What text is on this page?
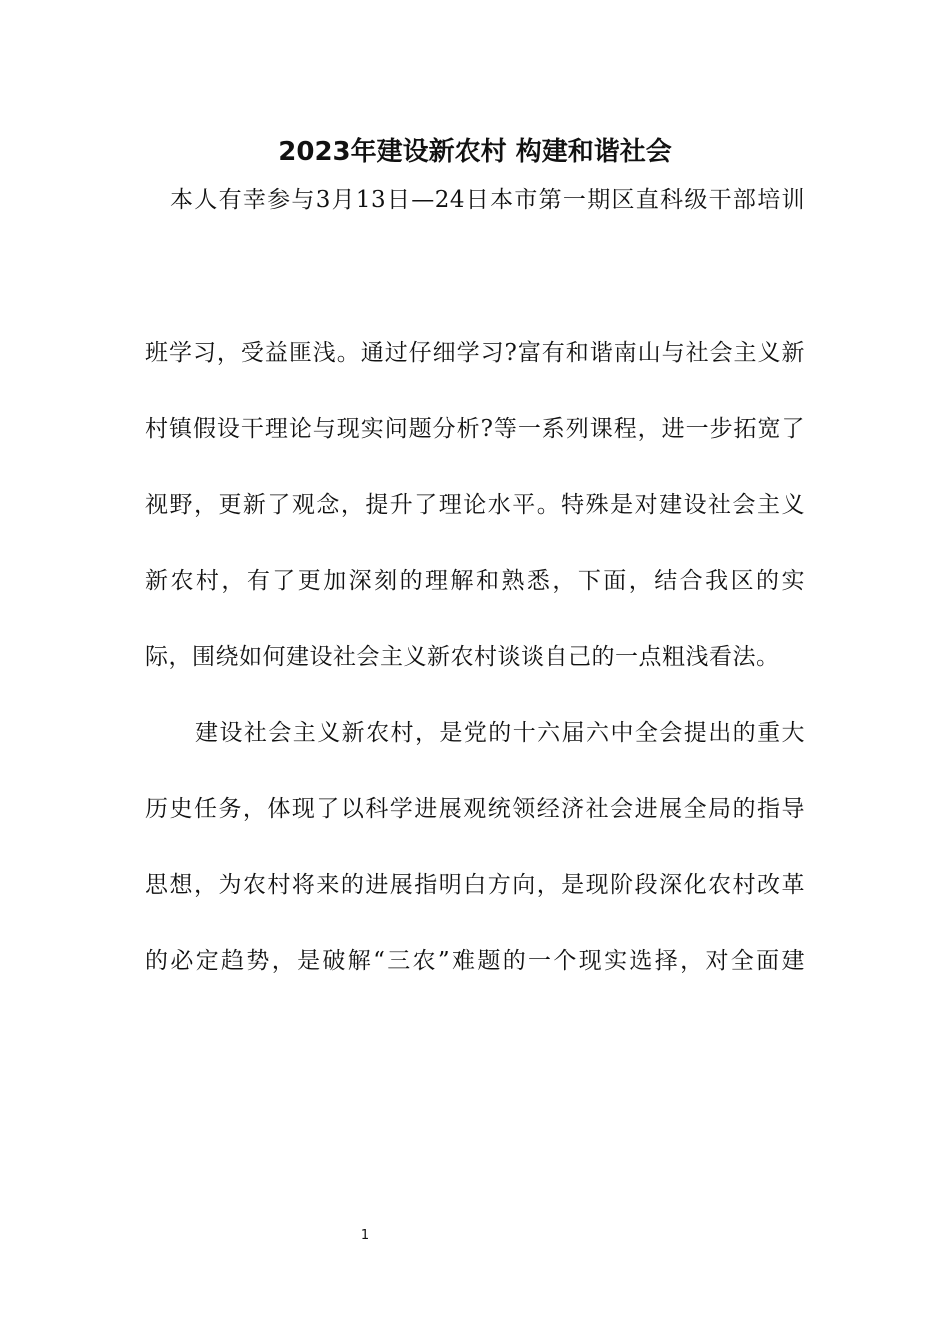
2023年建设新农村 构建和谐社会
本人有幸参与3月13日—24日本市第一期区直科级干部培训
班学习，受益匪浅。通过仔细学习?富有和谐南山与社会主义新
村镇假设干理论与现实问题分析?等一系列课程，进一步拓宽了
视野，更新了观念，提升了理论水平。特殊是对建设社会主义
新农村，有了更加深刻的理解和熟悉，下面，结合我区的实
际，围绕如何建设社会主义新农村谈谈自己的一点粗浅看法。
建设社会主义新农村，是党的十六届六中全会提出的重大
历史任务，体现了以科学进展观统领经济社会进展全局的指导
思想，为农村将来的进展指明白方向，是现阶段深化农村改革
的必定趋势，是破解“三农”难题的一个现实选择，对全面建
1
